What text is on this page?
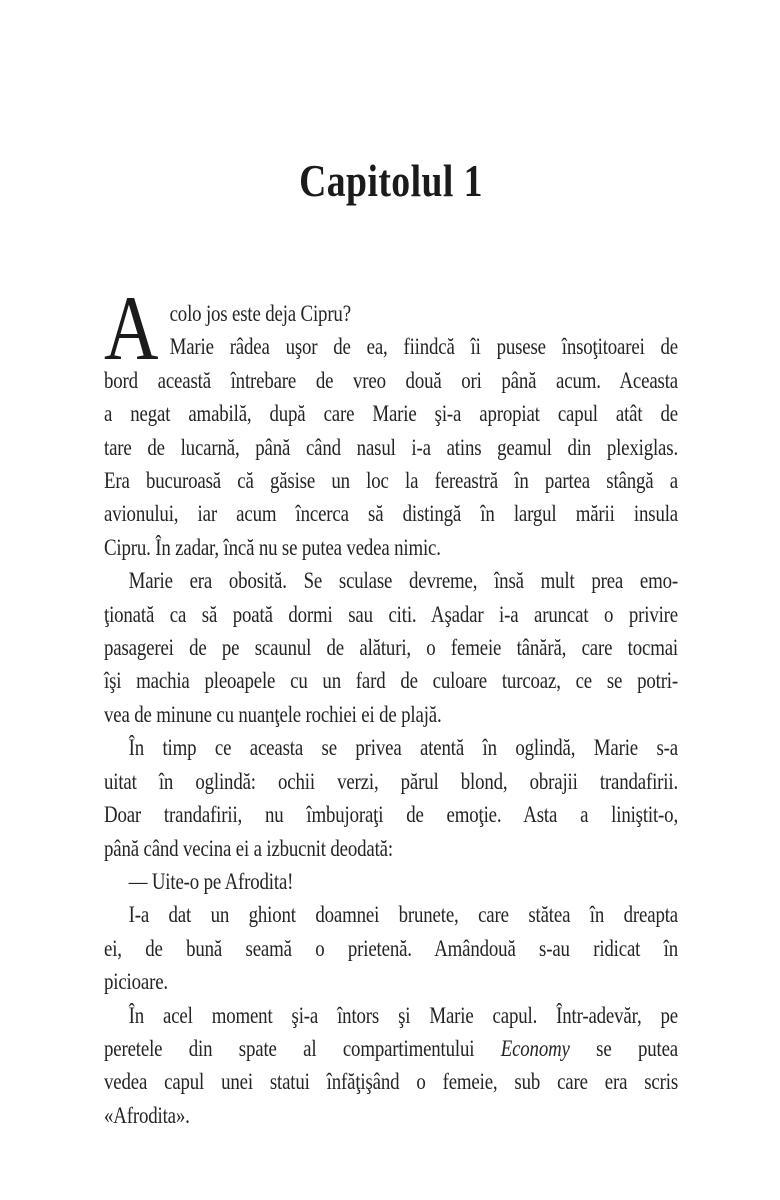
Capitolul 1
A colo jos este deja Cipru?
Marie râdea uşor de ea, fiindcă îi pusese însoţitoarei de
bord această întrebare de vreo două ori până acum. Aceasta
a negat amabilă, după care Marie şi-a apropiat capul atât de
tare de lucarnă, până când nasul i-a atins geamul din plexiglas.
Era bucuroasă că găsise un loc la fereastră în partea stângă a
avionului, iar acum încerca să distingă în largul mării insula
Cipru. În zadar, încă nu se putea vedea nimic.
Marie era obosită. Se sculase devreme, însă mult prea emo-
ţionată ca să poată dormi sau citi. Aşadar i-a aruncat o privire
pasagerei de pe scaunul de alături, o femeie tânără, care tocmai
îşi machia pleoapele cu un fard de culoare turcoaz, ce se potri-
vea de minune cu nuanţele rochiei ei de plajă.
În timp ce aceasta se privea atentă în oglindă, Marie s-a
uitat în oglindă: ochii verzi, părul blond, obrajii trandafirii.
Doar trandafirii, nu îmbujoraţi de emoţie. Asta a liniştit-o,
până când vecina ei a izbucnit deodată:
— Uite-o pe Afrodita!
I-a dat un ghiont doamnei brunete, care stătea în dreapta
ei, de bună seamă o prietenă. Amândouă s-au ridicat în
picioare.
În acel moment şi-a întors şi Marie capul. Într-adevăr, pe
peretele din spate al compartimentului Economy se putea
vedea capul unei statui înfăţişând o femeie, sub care era scris
«Afrodita».
